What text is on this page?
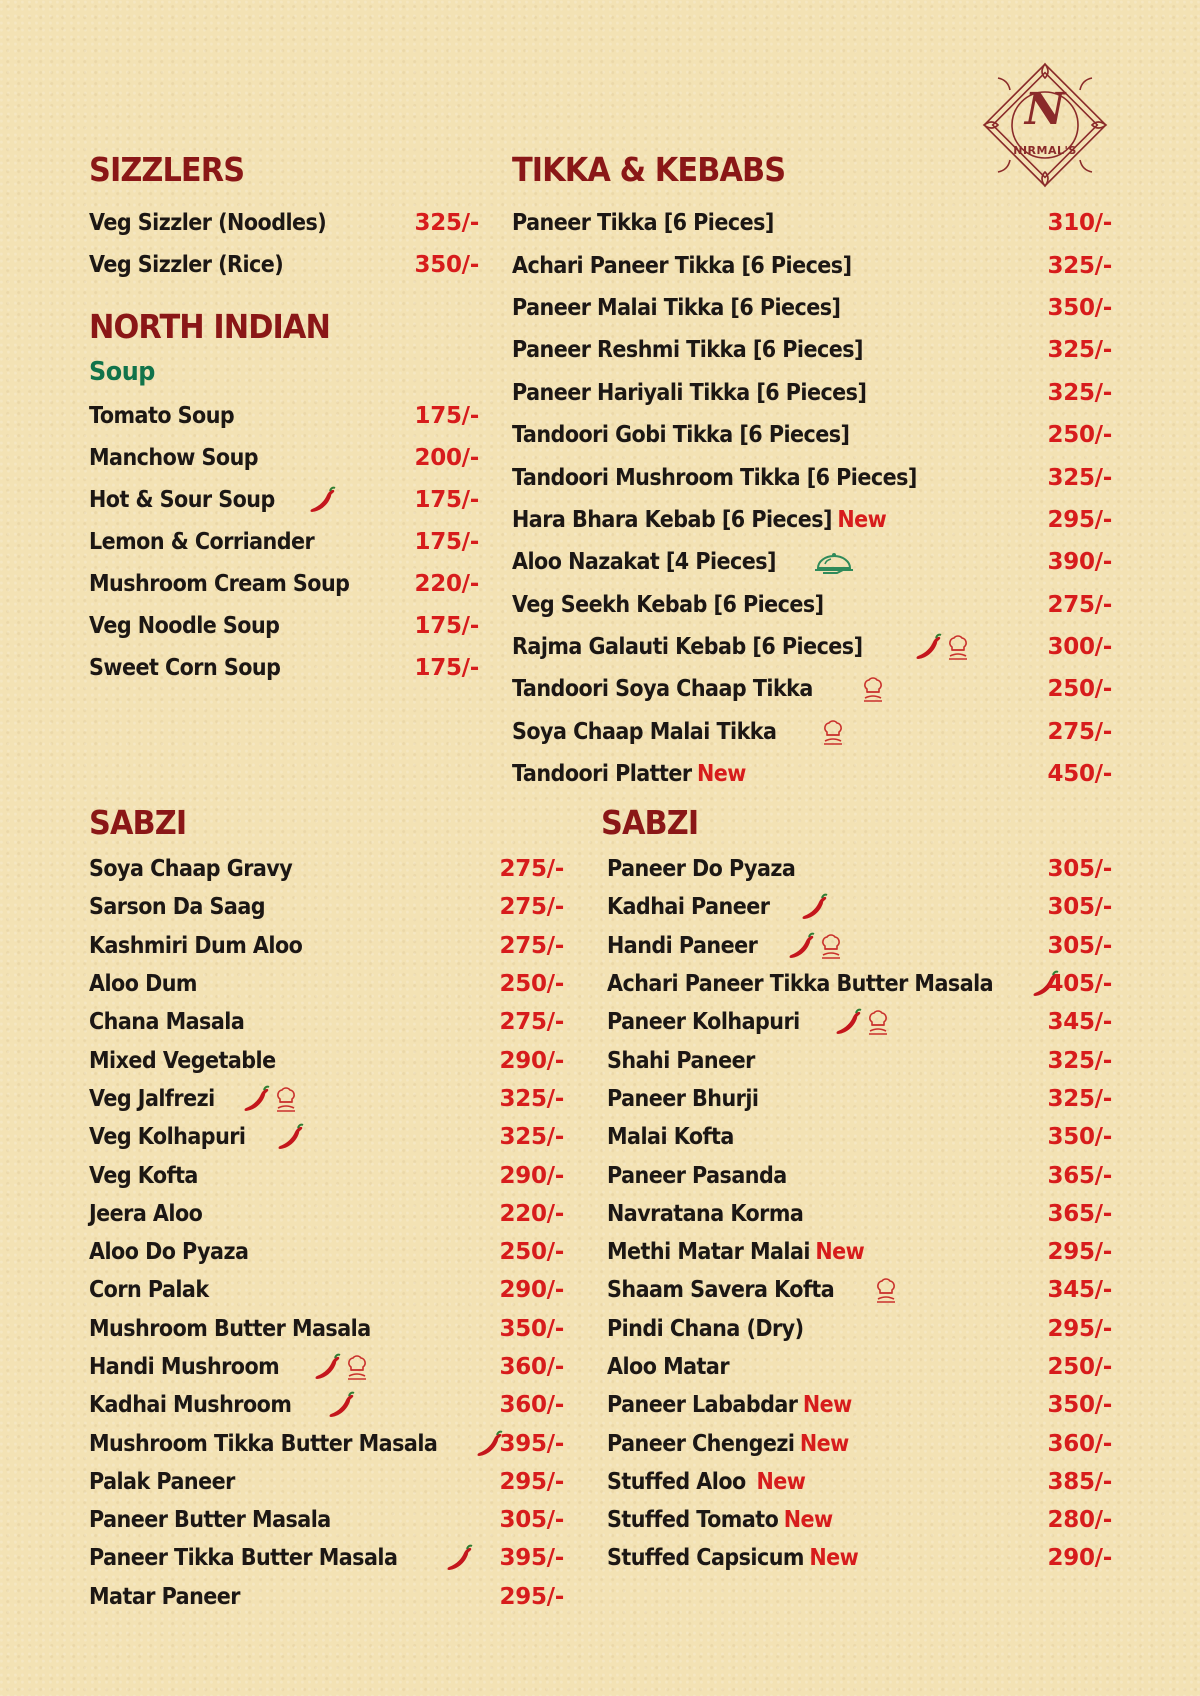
N
NIRMAL'S
SIZZLERS
Veg Sizzler (Noodles)	325/-
Veg Sizzler (Rice)	350/-
NORTH INDIAN
Soup
Tomato Soup	175/-
Manchow Soup	200/-
Hot & Sour Soup	175/-
Lemon & Corriander	175/-
Mushroom Cream Soup	220/-
Veg Noodle Soup	175/-
Sweet Corn Soup	175/-
TIKKA & KEBABS
Paneer Tikka [6 Pieces]	310/-
Achari Paneer Tikka [6 Pieces]	325/-
Paneer Malai Tikka [6 Pieces]	350/-
Paneer Reshmi Tikka [6 Pieces]	325/-
Paneer Hariyali Tikka [6 Pieces]	325/-
Tandoori Gobi Tikka [6 Pieces]	250/-
Tandoori Mushroom Tikka [6 Pieces]	325/-
Hara Bhara Kebab [6 Pieces] New	295/-
Aloo Nazakat [4 Pieces]	390/-
Veg Seekh Kebab [6 Pieces]	275/-
Rajma Galauti Kebab [6 Pieces]	300/-
Tandoori Soya Chaap Tikka	250/-
Soya Chaap Malai Tikka	275/-
Tandoori Platter New	450/-
SABZI
Soya Chaap Gravy	275/-
Sarson Da Saag	275/-
Kashmiri Dum Aloo	275/-
Aloo Dum	250/-
Chana Masala	275/-
Mixed Vegetable	290/-
Veg Jalfrezi	325/-
Veg Kolhapuri	325/-
Veg Kofta	290/-
Jeera Aloo	220/-
Aloo Do Pyaza	250/-
Corn Palak	290/-
Mushroom Butter Masala	350/-
Handi Mushroom	360/-
Kadhai Mushroom	360/-
Mushroom Tikka Butter Masala	395/-
Palak Paneer	295/-
Paneer Butter Masala	305/-
Paneer Tikka Butter Masala	395/-
Matar Paneer	295/-
SABZI
Paneer Do Pyaza	305/-
Kadhai Paneer	305/-
Handi Paneer	305/-
Achari Paneer Tikka Butter Masala 405/-
Paneer Kolhapuri	345/-
Shahi Paneer	325/-
Paneer Bhurji	325/-
Malai Kofta	350/-
Paneer Pasanda	365/-
Navratana Korma	365/-
Methi Matar Malai New	295/-
Shaam Savera Kofta	345/-
Pindi Chana (Dry)	295/-
Aloo Matar	250/-
Paneer Lababdar New	350/-
Paneer Chengezi New	360/-
Stuffed Aloo New	385/-
Stuffed Tomato New	280/-
Stuffed Capsicum New	290/-
